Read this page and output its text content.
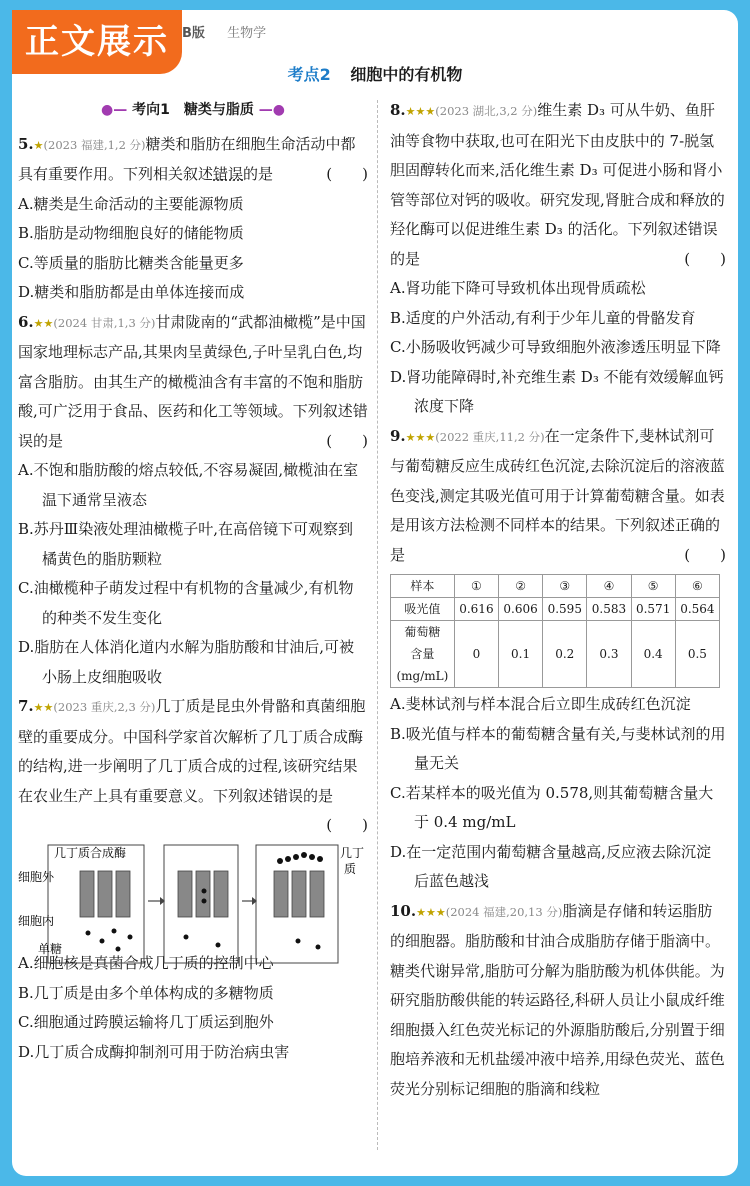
正文展示	B版 生物学
考点2 细胞中的有机物
●— 考向1　糖类与脂质 —●

5.★(2023 福建,1,2 分)糖类和脂肪在细胞生命活动中都具有重要作用。下列相关叙述错误的是	(　　)

A.糖类是生命活动的主要能源物质

B.脂肪是动物细胞良好的储能物质

C.等质量的脂肪比糖类含能量更多

D.糖类和脂肪都是由单体连接而成

6.★★(2024 甘肃,1,3 分)甘肃陇南的“武都油橄榄”是中国国家地理标志产品,其果肉呈黄绿色,子叶呈乳白色,均富含脂肪。由其生产的橄榄油含有丰富的不饱和脂肪酸,可广泛用于食品、医药和化工等领域。下列叙述错误的是	(　　)

A.不饱和脂肪酸的熔点较低,不容易凝固,橄榄油在室温下通常呈液态

B.苏丹Ⅲ染液处理油橄榄子叶,在高倍镜下可观察到橘黄色的脂肪颗粒

C.油橄榄种子萌发过程中有机物的含量减少,有机物的种类不发生变化

D.脂肪在人体消化道内水解为脂肪酸和甘油后,可被小肠上皮细胞吸收

7.★★(2023 重庆,2,3 分)几丁质是昆虫外骨骼和真菌细胞壁的重要成分。中国科学家首次解析了几丁质合成酶的结构,进一步阐明了几丁质合成的过程,该研究结果在农业生产上具有重要意义。下列叙述错误的是
(　　)

几丁质合成酶
细胞外
细胞内
单糖
几丁
质

A.细胞核是真菌合成几丁质的控制中心

B.几丁质是由多个单体构成的多糖物质

C.细胞通过跨膜运输将几丁质运到胞外

D.几丁质合成酶抑制剂可用于防治病虫害

8.★★★(2023 湖北,3,2 分)维生素 D₃ 可从牛奶、鱼肝油等食物中获取,也可在阳光下由皮肤中的 7-脱氢胆固醇转化而来,活化维生素 D₃ 可促进小肠和肾小管等部位对钙的吸收。研究发现,肾脏合成和释放的羟化酶可以促进维生素 D₃ 的活化。下列叙述错误的是	(　　)

A.肾功能下降可导致机体出现骨质疏松

B.适度的户外活动,有利于少年儿童的骨骼发育

C.小肠吸收钙减少可导致细胞外液渗透压明显下降

D.肾功能障碍时,补充维生素 D₃ 不能有效缓解血钙浓度下降

9.★★★(2022 重庆,11,2 分)在一定条件下,斐林试剂可与葡萄糖反应生成砖红色沉淀,去除沉淀后的溶液蓝色变浅,测定其吸光值可用于计算葡萄糖含量。如表是用该方法检测不同样本的结果。下列叙述正确的是	(　　)

样本	①	②	③	④	⑤	⑥
吸光值	0.616	0.606	0.595	0.583	0.571	0.564

葡萄糖
含量
(mg/mL)	0	0.1	0.2	0.3	0.4	0.5

A.斐林试剂与样本混合后立即生成砖红色沉淀

B.吸光值与样本的葡萄糖含量有关,与斐林试剂的用量无关

C.若某样本的吸光值为 0.578,则其葡萄糖含量大于 0.4 mg/mL

D.在一定范围内葡萄糖含量越高,反应液去除沉淀后蓝色越浅

10.★★★(2024 福建,20,13 分)脂滴是存储和转运脂肪的细胞器。脂肪酸和甘油合成脂肪存储于脂滴中。糖类代谢异常,脂肪可分解为脂肪酸为机体供能。为研究脂肪酸供能的转运路径,科研人员让小鼠成纤维细胞摄入红色荧光标记的外源脂肪酸后,分别置于细胞培养液和无机盐缓冲液中培养,用绿色荧光、蓝色荧光分别标记细胞的脂滴和线粒
